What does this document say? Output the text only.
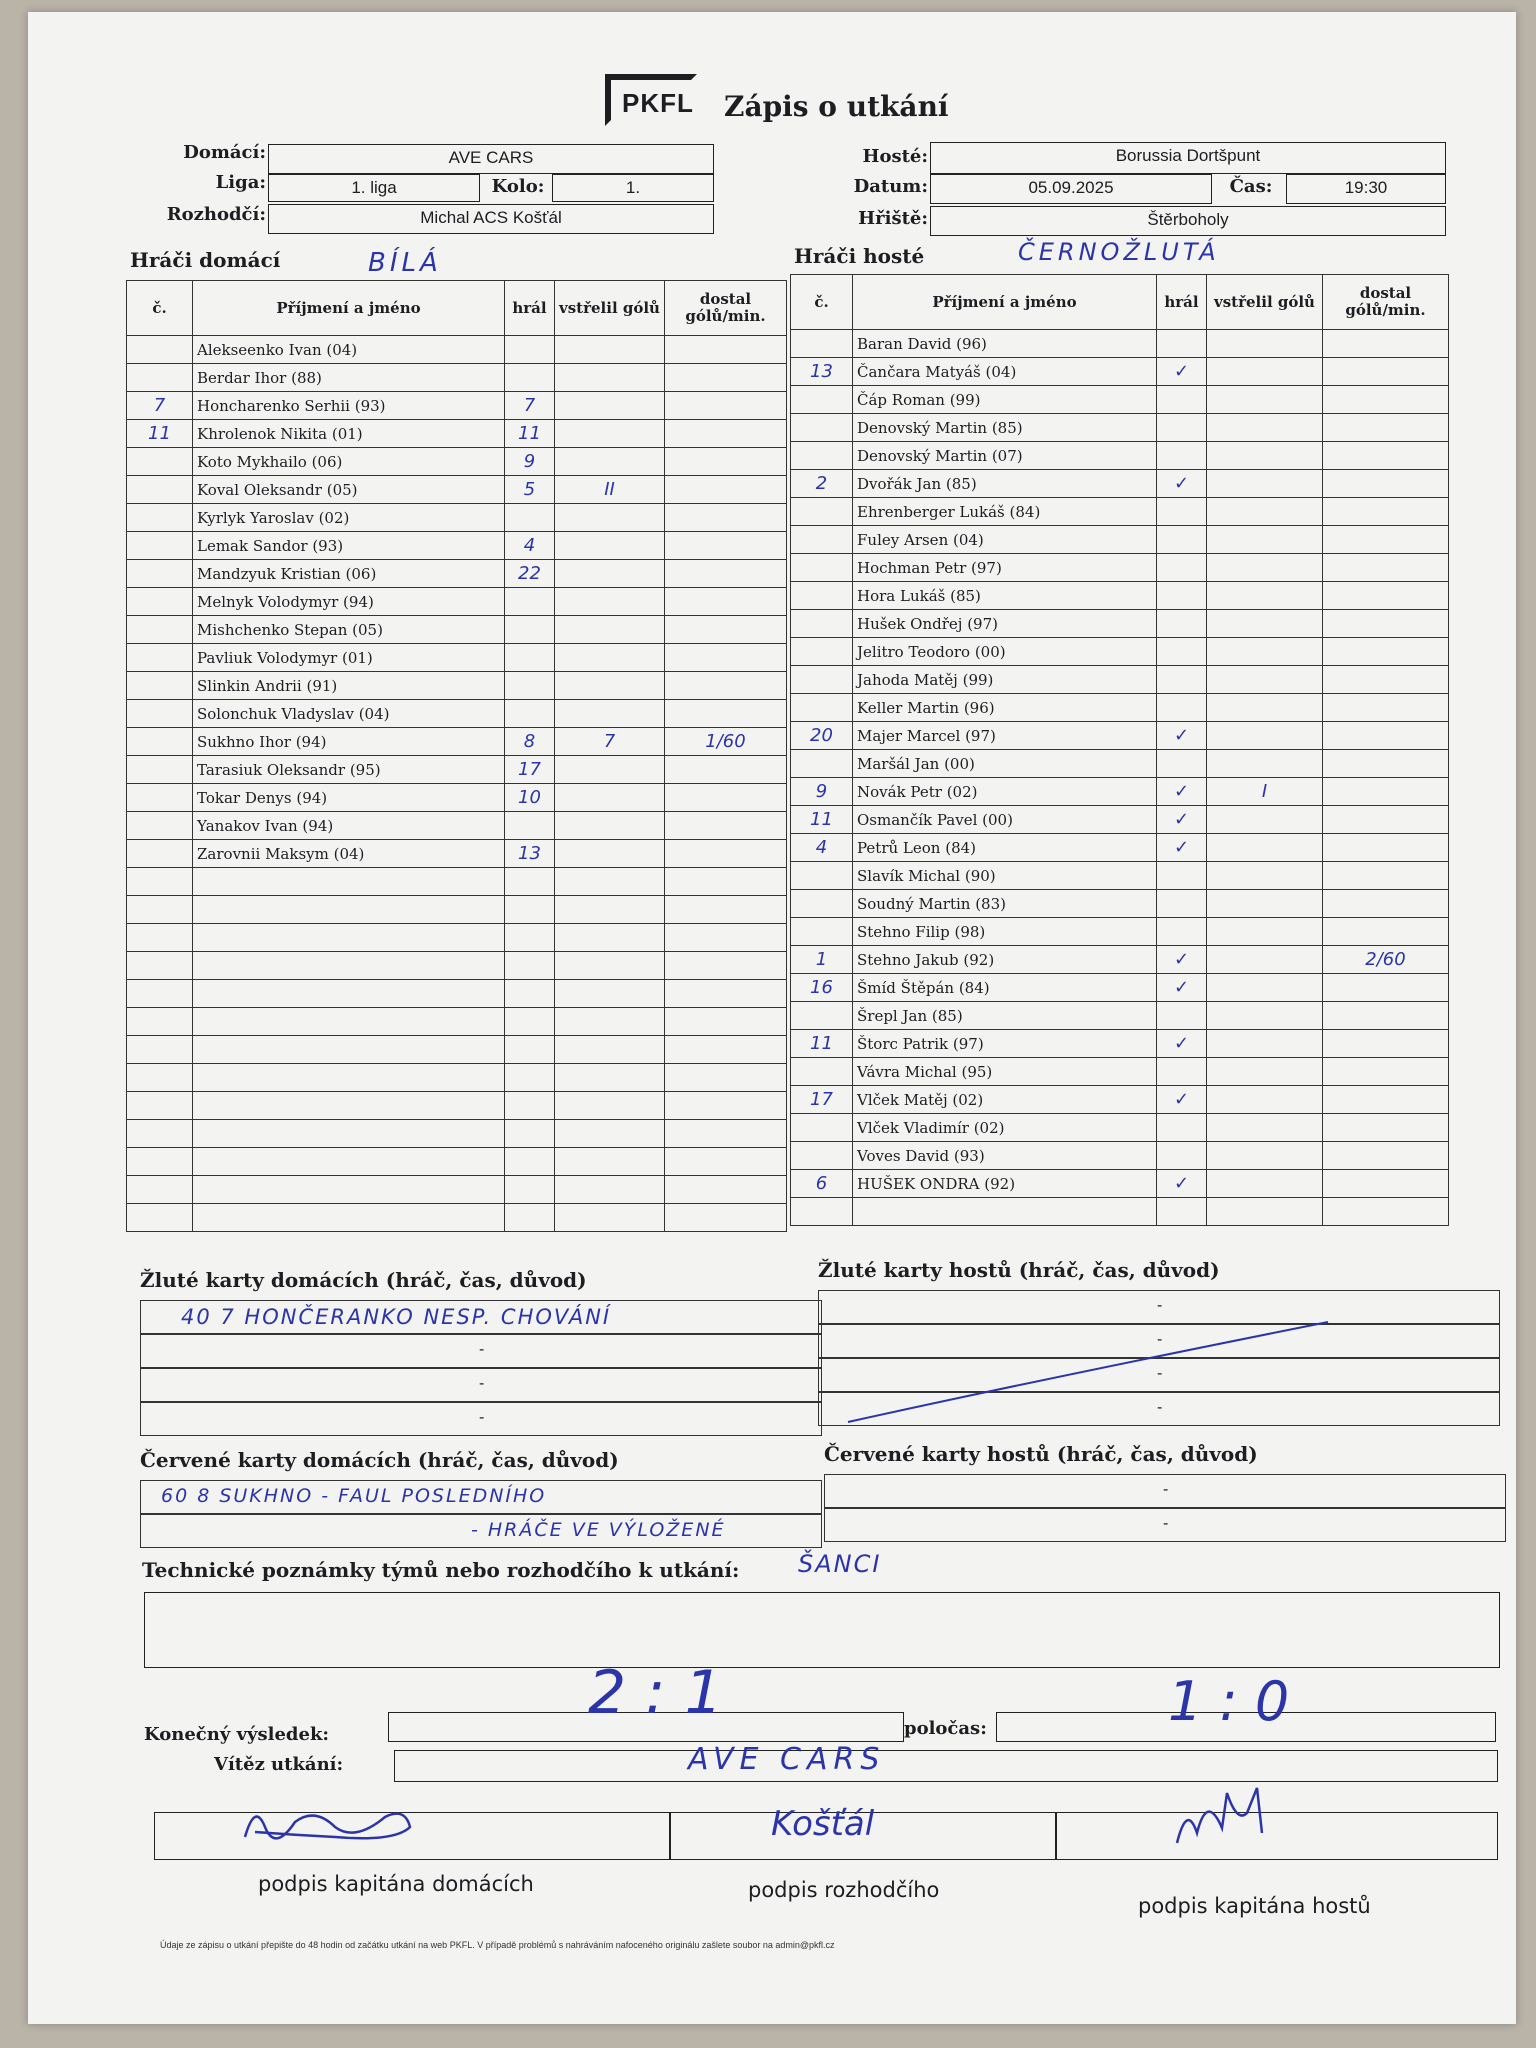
PKFL Zápis o utkání
Domácí:	AVE CARS
Liga:	1. liga	Kolo:	1.
Rozhodčí:	Michal ACS Košťál
Hosté:	Borussia Dortšpunt
Datum:	05.09.2025	Čas:	19:30
Hřiště:	Štěrboholy
Hráči domácí	BÍLÁ	Hráči hosté	ČERNOŽLUTÁ
č.	Příjmení a jméno	hrál	vstřelil gólů	dostal gólů/min.
	Alekseenko Ivan (04)			
	Berdar Ihor (88)			
7	Honcharenko Serhii (93)	7		
11	Khrolenok Nikita (01)	11		
	Koto Mykhailo (06)	9		
	Koval Oleksandr (05)	5	II	
	Kyrlyk Yaroslav (02)			
	Lemak Sandor (93)	4		
	Mandzyuk Kristian (06)	22		
	Melnyk Volodymyr (94)			
	Mishchenko Stepan (05)			
	Pavliuk Volodymyr (01)			
	Slinkin Andrii (91)			
	Solonchuk Vladyslav (04)			
	Sukhno Ihor (94)	8	7	1/60
	Tarasiuk Oleksandr (95)	17		
	Tokar Denys (94)	10		
	Yanakov Ivan (94)			
	Zarovnii Maksym (04)	13		

č.	Příjmení a jméno	hrál	vstřelil gólů	dostal gólů/min.
	Baran David (96)			
13	Čančara Matyáš (04)	✓		
	Čáp Roman (99)			
	Denovský Martin (85)			
	Denovský Martin (07)			
2	Dvořák Jan (85)	✓		
	Ehrenberger Lukáš (84)			
	Fuley Arsen (04)			
	Hochman Petr (97)			
	Hora Lukáš (85)			
	Hušek Ondřej (97)			
	Jelitro Teodoro (00)			
	Jahoda Matěj (99)			
	Keller Martin (96)			
20	Majer Marcel (97)	✓		
	Maršál Jan (00)			
9	Novák Petr (02)	✓	I	
11	Osmančík Pavel (00)	✓		
4	Petrů Leon (84)	✓		
	Slavík Michal (90)			
	Soudný Martin (83)			
	Stehno Filip (98)			
1	Stehno Jakub (92)	✓		2/60
16	Šmíd Štěpán (84)	✓		
	Šrepl Jan (85)			
11	Štorc Patrik (97)	✓		
	Vávra Michal (95)			
17	Vlček Matěj (02)	✓		
	Vlček Vladimír (02)			
	Voves David (93)			
6	HUŠEK ONDRA (92)	✓		

Žluté karty domácích (hráč, čas, důvod)	Žluté karty hostů (hráč, čas, důvod)
40 7 HONČERANKO NESP. CHOVÁNÍ
-
-
-
-
-
-
-
Červené karty domácích (hráč, čas, důvod)	Červené karty hostů (hráč, čas, důvod)
60 8 SUKHNO - FAUL POSLEDNÍHO
- HRÁČE VE VÝLOŽENÉ
-
-
Technické poznámky týmů nebo rozhodčího k utkání: ŠANCI
Konečný výsledek:
2 : 1
poločas:	1 : 0
Vítěz utkání:	AVE CARS
Košťál
podpis kapitána domácích	podpis rozhodčího
podpis kapitána hostů
Údaje ze zápisu o utkání přepište do 48 hodin od začátku utkání na web PKFL. V případě problémů s nahráváním nafoceného originálu zašlete soubor na admin@pkfl.cz
